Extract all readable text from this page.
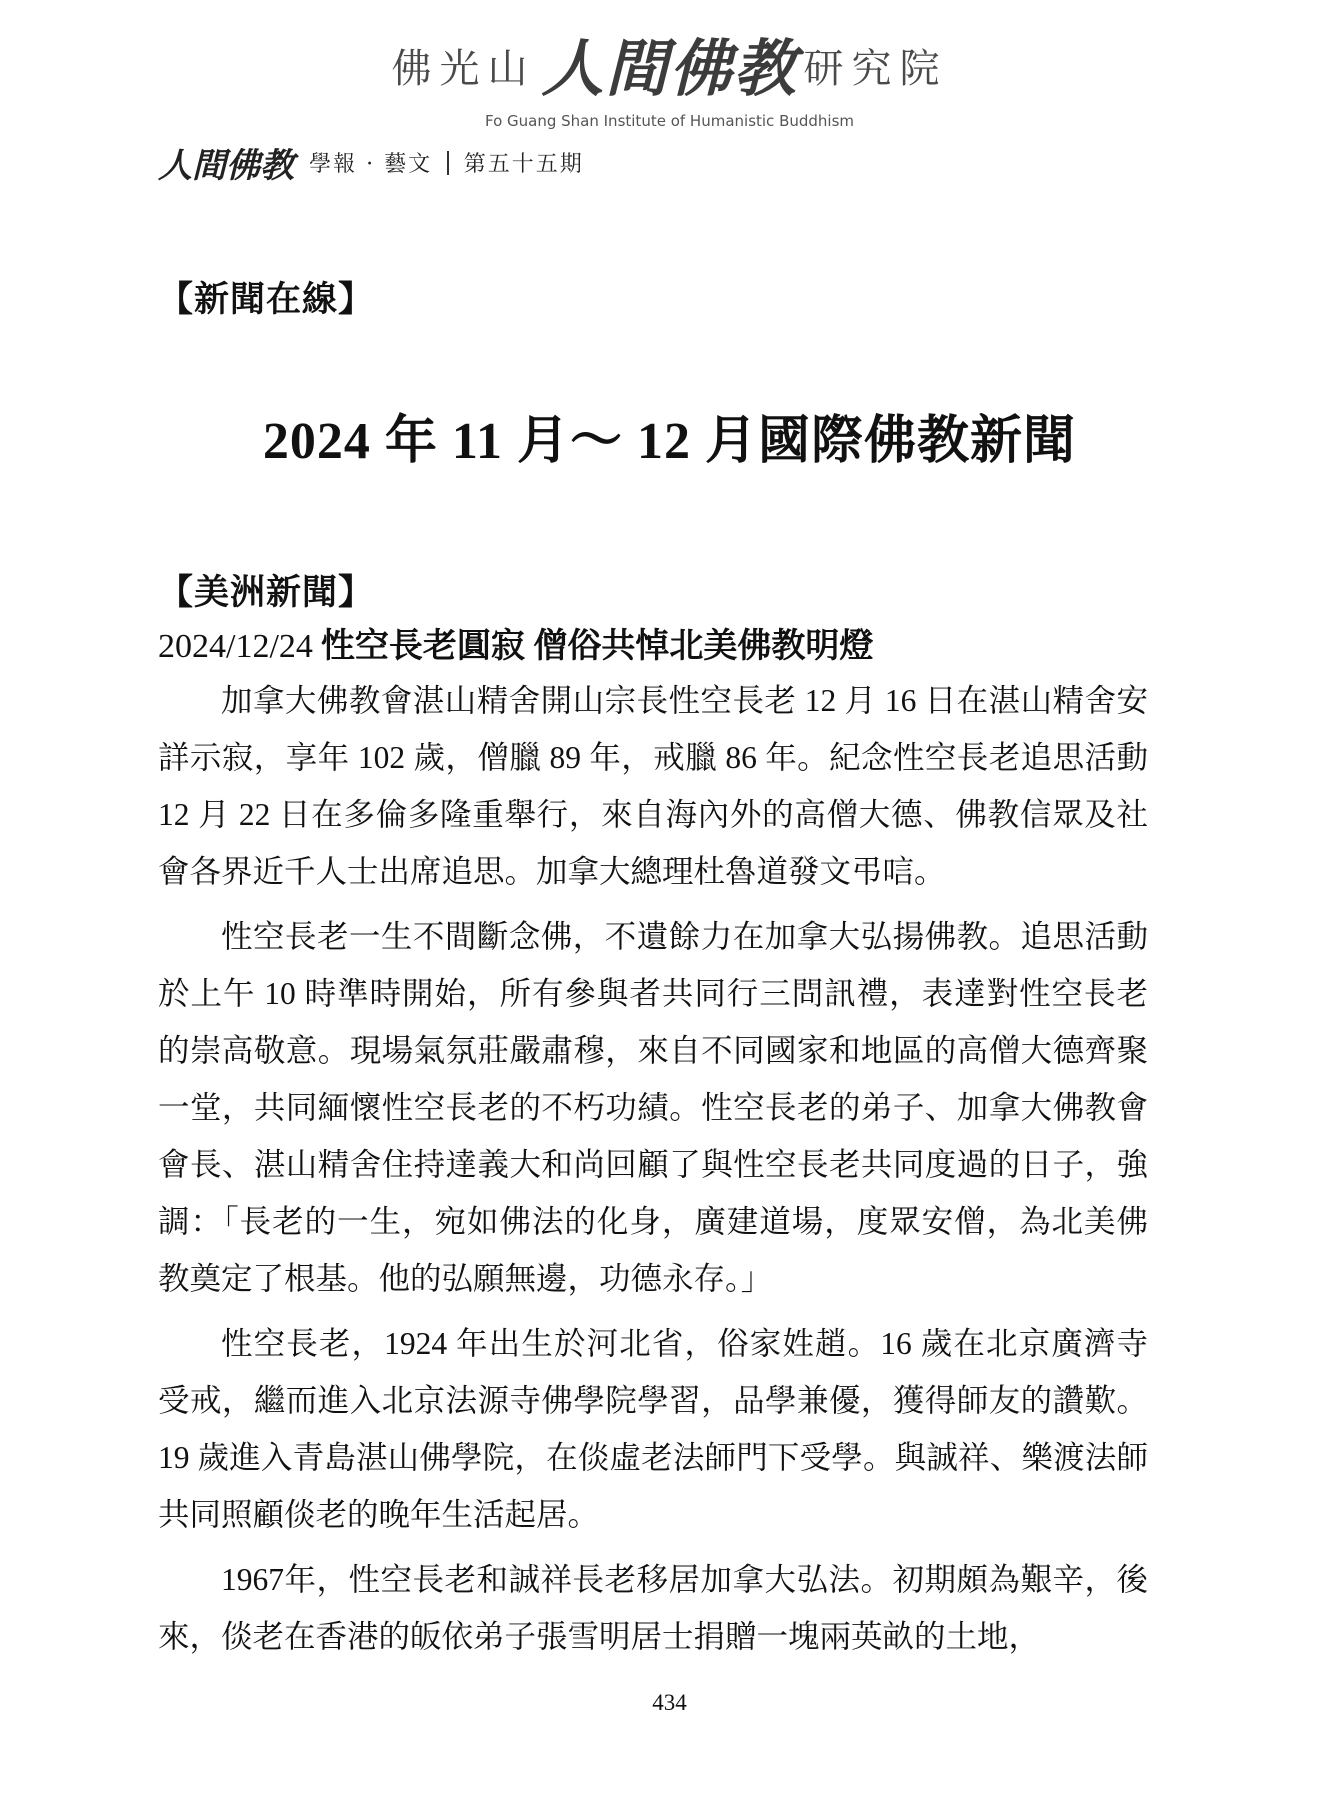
佛光山人間佛教 研究院
Fo Guang Shan Institute of Humanistic Buddhism
人間佛教 學報 · 藝文 第五十五期
【新聞在線】
2024 年 11 月～ 12 月國際佛教新聞
【美洲新聞】
2024/12/24 性空長老圓寂 僧俗共悼北美佛教明燈

加拿大佛教會湛山精舍開山宗長性空長老 12 月 16 日在湛山精舍安詳示寂，享年 102 歲，僧臘 89 年，戒臘 86 年。紀念性空長老追思活動 12 月 22 日在多倫多隆重舉行，來自海內外的高僧大德、佛教信眾及社會各界近千人士出席追思。加拿大總理杜魯道發文弔唁。

性空長老一生不間斷念佛，不遺餘力在加拿大弘揚佛教。追思活動於上午 10 時準時開始，所有參與者共同行三問訊禮，表達對性空長老的崇高敬意。現場氣氛莊嚴肅穆，來自不同國家和地區的高僧大德齊聚一堂，共同緬懷性空長老的不朽功績。性空長老的弟子、加拿大佛教會會長、湛山精舍住持達義大和尚回顧了與性空長老共同度過的日子，強調：「長老的一生，宛如佛法的化身，廣建道場，度眾安僧，為北美佛教奠定了根基。他的弘願無邊，功德永存。」

性空長老，1924 年出生於河北省，俗家姓趙。16 歲在北京廣濟寺受戒，繼而進入北京法源寺佛學院學習，品學兼優，獲得師友的讚歎。19 歲進入青島湛山佛學院，在倓虛老法師門下受學。與誠祥、樂渡法師共同照顧倓老的晚年生活起居。

1967年，性空長老和誠祥長老移居加拿大弘法。初期頗為艱辛，後來，倓老在香港的皈依弟子張雪明居士捐贈一塊兩英畝的土地，

434
